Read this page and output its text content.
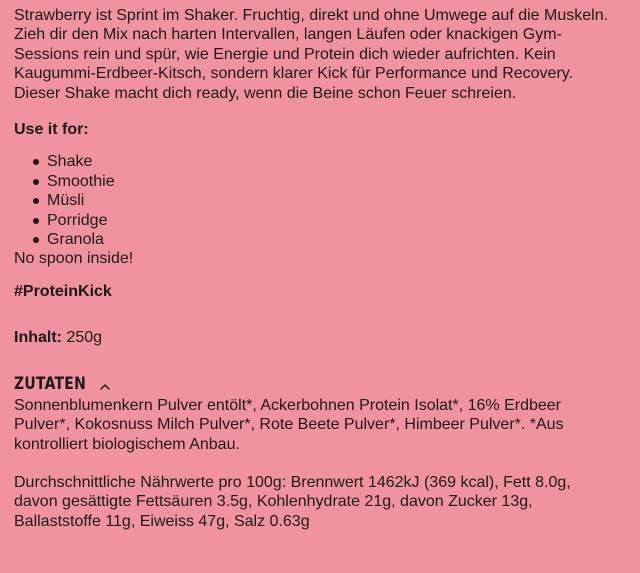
Strawberry ist Sprint im Shaker. Fruchtig, direkt und ohne Umwege auf die Muskeln. Zieh dir den Mix nach harten Intervallen, langen Läufen oder knackigen Gym-Sessions rein und spür, wie Energie und Protein dich wieder aufrichten. Kein Kaugummi-Erdbeer-Kitsch, sondern klarer Kick für Performance und Recovery. Dieser Shake macht dich ready, wenn die Beine schon Feuer schreien.

Use it for:
Shake
Smoothie
Müsli
Porridge
Granola

No spoon inside!

#ProteinKick

Inhalt: 250g

ZUTATEN

Sonnenblumenkern Pulver entölt*, Ackerbohnen Protein Isolat*, 16% Erdbeer Pulver*, Kokosnuss Milch Pulver*, Rote Beete Pulver*, Himbeer Pulver*. *Aus kontrolliert biologischem Anbau.

Durchschnittliche Nährwerte pro 100g: Brennwert 1462kJ (369 kcal), Fett 8.0g, davon gesättigte Fettsäuren 3.5g, Kohlenhydrate 21g, davon Zucker 13g, Ballaststoffe 11g, Eiweiss 47g, Salz 0.63g
